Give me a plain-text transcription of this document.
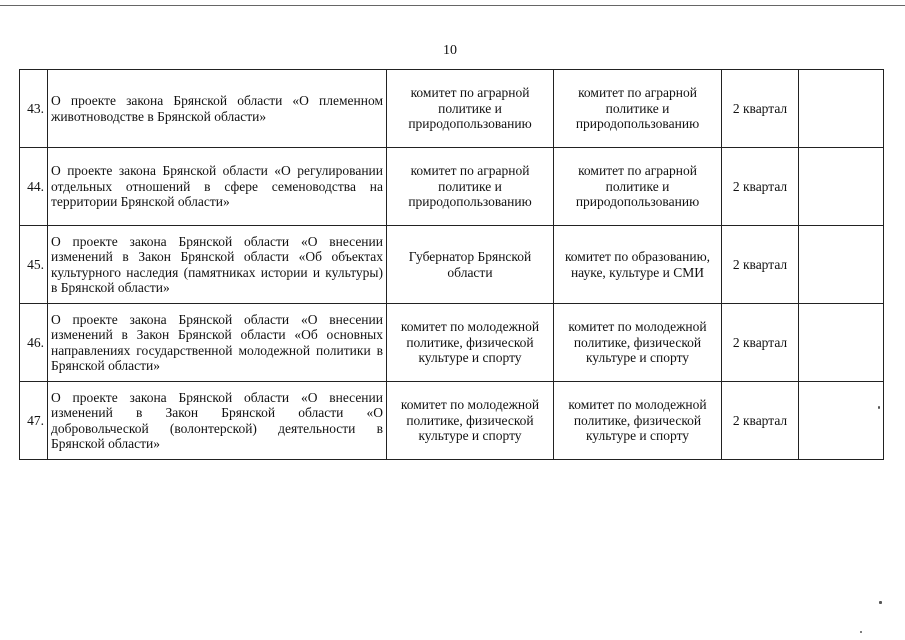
10
43.	О проекте закона Брянской области «О племенном животноводстве в Брянской области»	комитет по аграрной политике и природопользованию	комитет по аграрной политике и природопользованию	2 квартал	
44.	О проекте закона Брянской области «О регулировании отдельных отношений в сфере семеноводства на территории Брянской области»	комитет по аграрной политике и природопользованию	комитет по аграрной политике и природопользованию	2 квартал	
45.	О проекте закона Брянской области «О внесении изменений в Закон Брянской области «Об объектах культурного наследия (памятниках истории и культуры) в Брянской области»	Губернатор Брянской области	комитет по образованию, науке, культуре и СМИ	2 квартал	
46.	О проекте закона Брянской области «О внесении изменений в Закон Брянской области «Об основных направлениях государственной молодежной политики в Брянской области»	комитет по молодежной политике, физической культуре и спорту	комитет по молодежной политике, физической культуре и спорту	2 квартал	
47.	О проекте закона Брянской области «О внесении изменений в Закон Брянской области «О добровольческой (волонтерской) деятельности в Брянской области»	комитет по молодежной политике, физической культуре и спорту	комитет по молодежной политике, физической культуре и спорту	2 квартал	
